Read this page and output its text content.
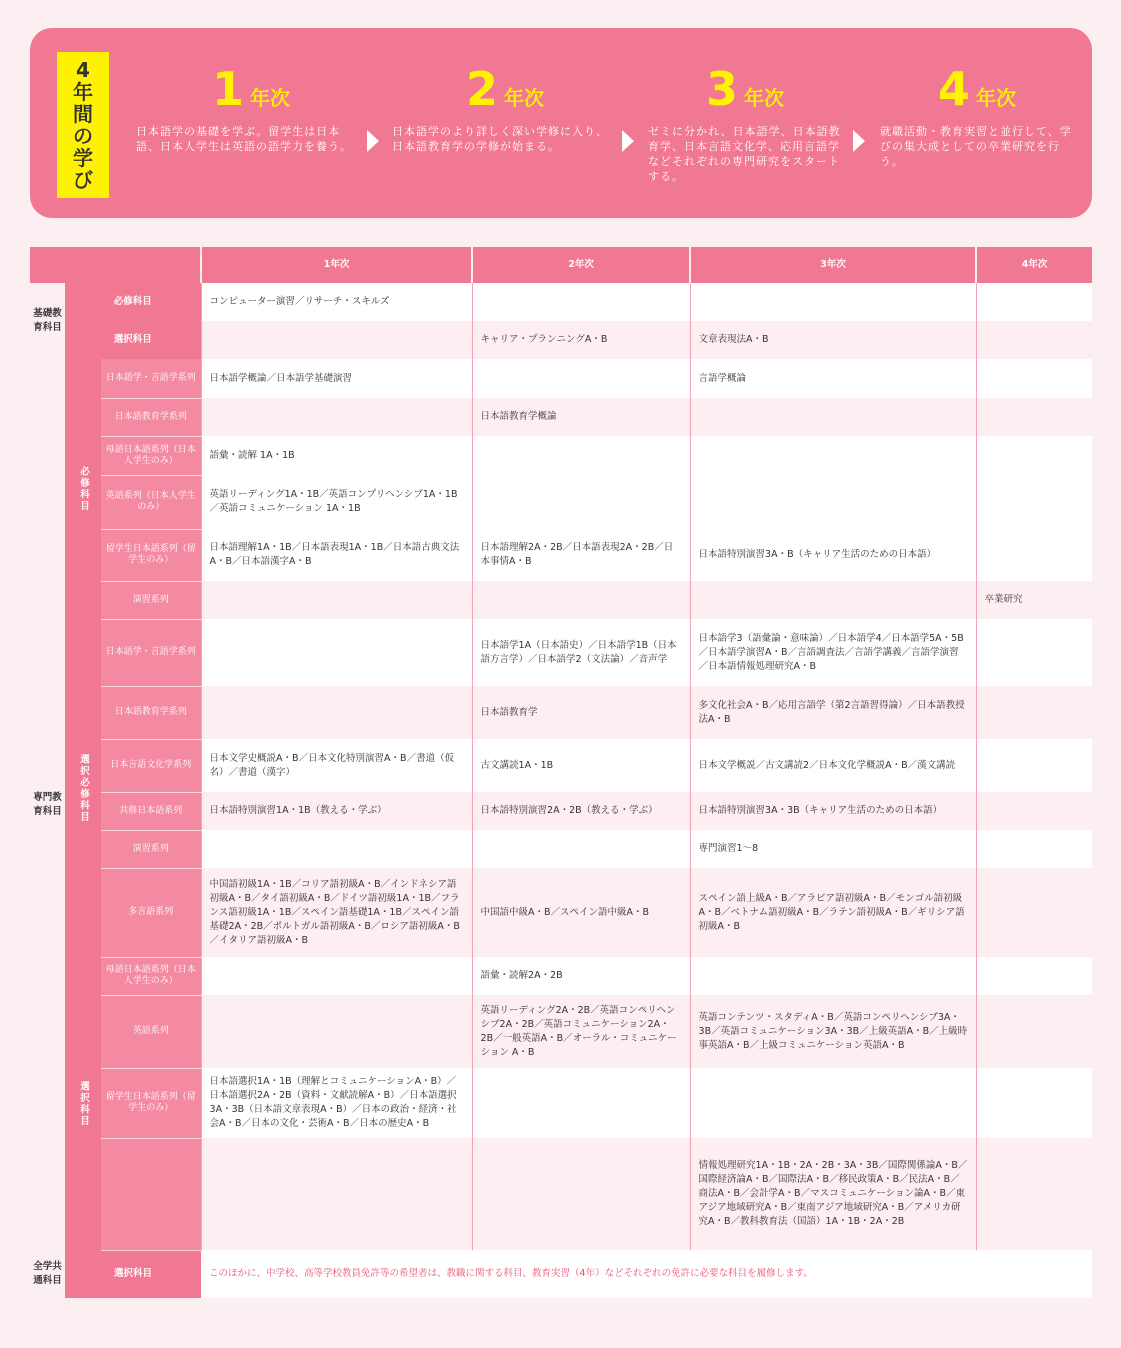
4
年
間
の
学
び
1 年次
日本語学の基礎を学ぶ。留学生は日本語、日本人学生は英語の語学力を養う。
2 年次
日本語学のより詳しく深い学修に入り、日本語教育学の学修が始まる。
3 年次
ゼミに分かれ、日本語学、日本語教育学、日本言語文化学、応用言語学などそれぞれの専門研究をスタートする。
4 年次
就職活動・教育実習と並行して、学びの集大成としての卒業研究を行う。
			1年次	2年次	3年次	4年次
基礎教育科目	必修科目		コンピューター演習／リサーチ・スキルズ			
	選択科目			キャリア・プランニングA・B	文章表現法A・B	
専門教育科目	必修科目	日本語学・言語学系列	日本語学概論／日本語学基礎演習		言語学概論	
		日本語教育学系列		日本語教育学概論		
		母語日本語系列（日本人学生のみ）	語彙・読解 1A・1B			
		英語系列（日本人学生のみ）	英語リーディング1A・1B／英語コンプリヘンシブ1A・1B／英語コミュニケーション 1A・1B			
		留学生日本語系列（留学生のみ）	日本語理解1A・1B／日本語表現1A・1B／日本語古典文法A・B／日本語漢字A・B	日本語理解2A・2B／日本語表現2A・2B／日本事情A・B	日本語特別演習3A・B（キャリア生活のための日本語）	
		演習系列				卒業研究
	選択必修科目	日本語学・言語学系列		日本語学1A（日本語史）／日本語学1B（日本語方言学）／日本語学2（文法論）／音声学	日本語学3（語彙論・意味論）／日本語学4／日本語学5A・5B／日本語学演習A・B／言語調査法／言語学講義／言語学演習／日本語情報処理研究A・B	
		日本語教育学系列		日本語教育学	多文化社会A・B／応用言語学（第2言語習得論）／日本語教授法A・B	
		日本言語文化学系列	日本文学史概説A・B／日本文化特別演習A・B／書道（仮名）／書道（漢字）	古文講読1A・1B	日本文学概説／古文講読2／日本文化学概説A・B／漢文講読	
		共修日本語系列	日本語特別演習1A・1B（教える・学ぶ）	日本語特別演習2A・2B（教える・学ぶ）	日本語特別演習3A・3B（キャリア生活のための日本語）	
		演習系列			専門演習1〜8	
		多言語系列	中国語初級1A・1B／コリア語初級A・B／インドネシア語初級A・B／タイ語初級A・B／ドイツ語初級1A・1B／フランス語初級1A・1B／スペイン語基礎1A・1B／スペイン語基礎2A・2B／ポルトガル語初級A・B／ロシア語初級A・B／イタリア語初級A・B	中国語中級A・B／スペイン語中級A・B	スペイン語上級A・B／アラビア語初級A・B／モンゴル語初級A・B／ベトナム語初級A・B／ラテン語初級A・B／ギリシア語初級A・B	
	選択科目	母語日本語系列（日本人学生のみ）		語彙・読解2A・2B		
		英語系列		英語リーディング2A・2B／英語コンペリヘンシブ2A・2B／英語コミュニケーション2A・2B／一般英語A・B／オーラル・コミュニケーション A・B	英語コンテンツ・スタディA・B／英語コンペリヘンシブ3A・3B／英語コミュニケーション3A・3B／上級英語A・B／上級時事英語A・B／上級コミュニケーション英語A・B	
		留学生日本語系列（留学生のみ）	日本語選択1A・1B（理解とコミュニケーションA・B）／日本語選択2A・2B（資料・文献読解A・B）／日本語選択3A・3B（日本語文章表現A・B）／日本の政治・経済・社会A・B／日本の文化・芸術A・B／日本の歴史A・B			
					情報処理研究1A・1B・2A・2B・3A・3B／国際関係論A・B／国際経済論A・B／国際法A・B／移民政策A・B／民法A・B／商法A・B／会計学A・B／マスコミュニケーション論A・B／東アジア地域研究A・B／東南アジア地域研究A・B／アメリカ研究A・B／教科教育法（国語）1A・1B・2A・2B	
全学共通科目	選択科目		このほかに、中学校、高等学校教員免許等の希望者は、教職に関する科目、教育実習（4年）などそれぞれの免許に必要な科目を履修します。			
